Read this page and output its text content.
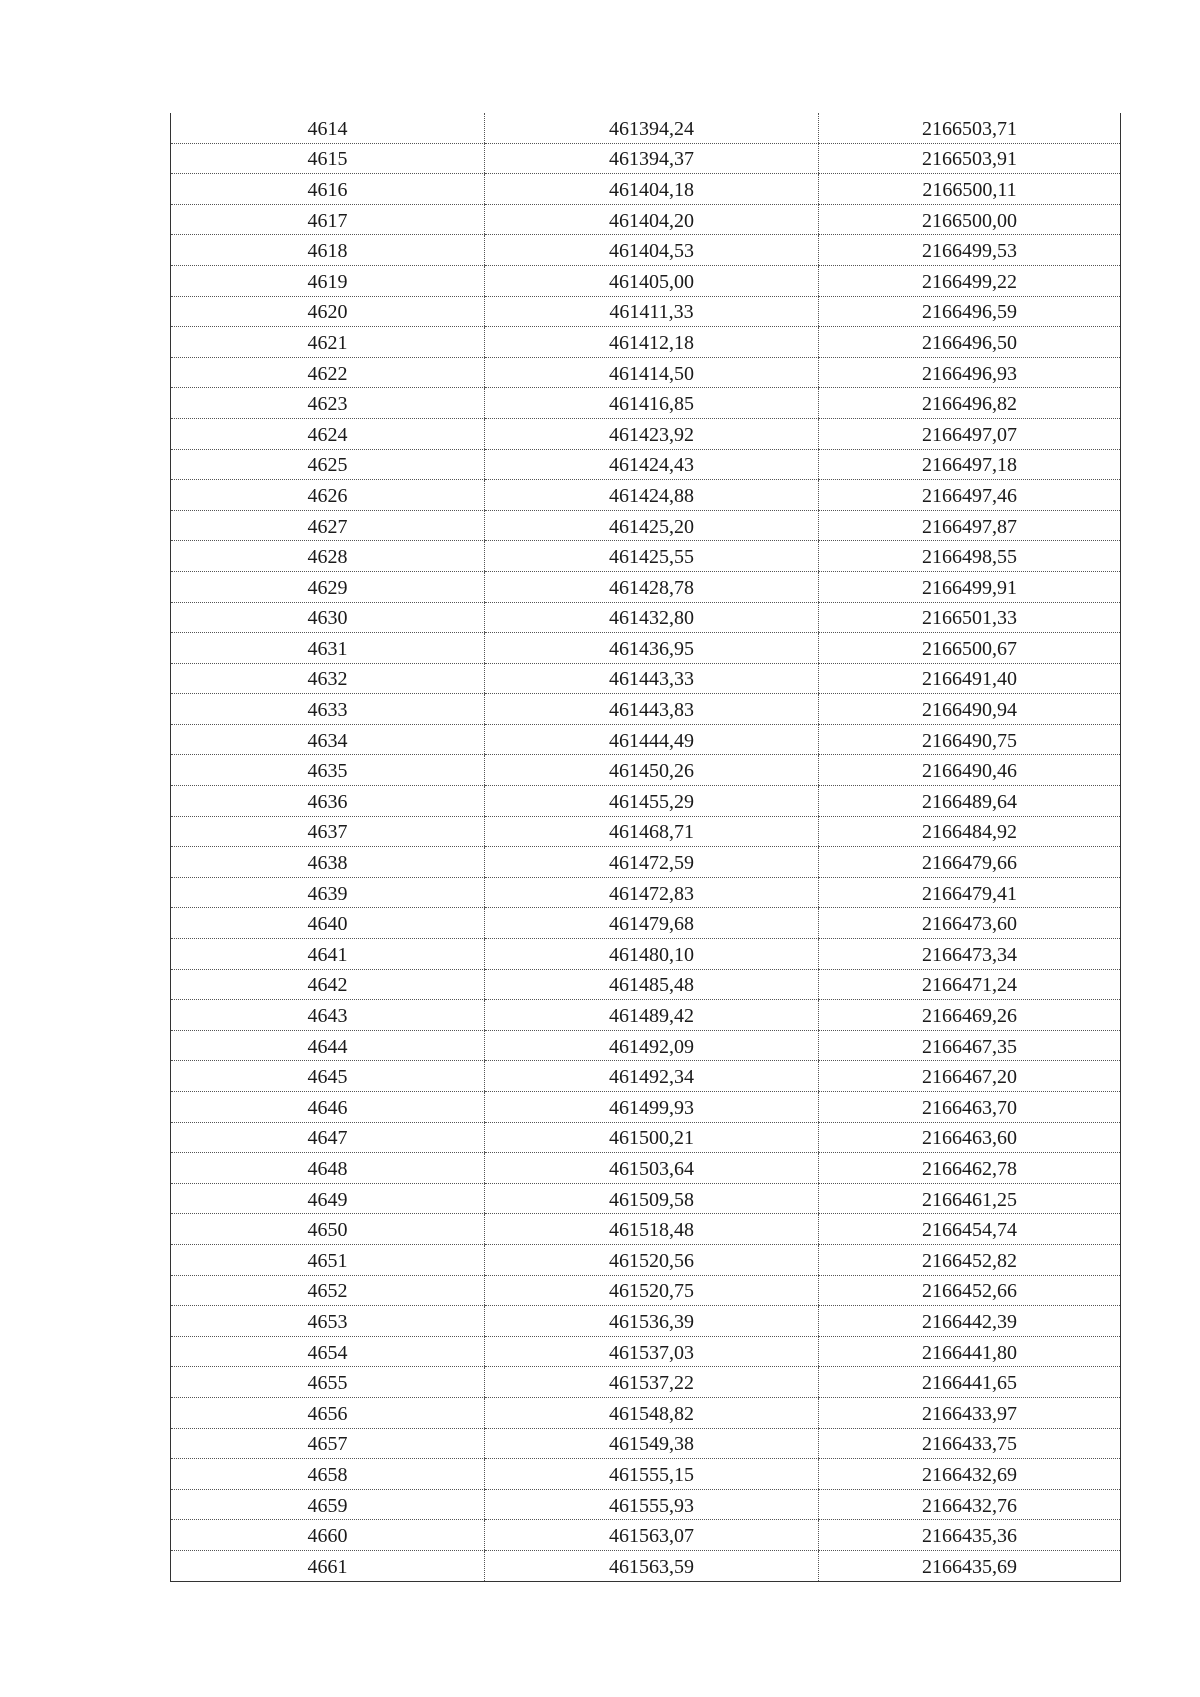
4614	461394,24	2166503,71
4615	461394,37	2166503,91
4616	461404,18	2166500,11
4617	461404,20	2166500,00
4618	461404,53	2166499,53
4619	461405,00	2166499,22
4620	461411,33	2166496,59
4621	461412,18	2166496,50
4622	461414,50	2166496,93
4623	461416,85	2166496,82
4624	461423,92	2166497,07
4625	461424,43	2166497,18
4626	461424,88	2166497,46
4627	461425,20	2166497,87
4628	461425,55	2166498,55
4629	461428,78	2166499,91
4630	461432,80	2166501,33
4631	461436,95	2166500,67
4632	461443,33	2166491,40
4633	461443,83	2166490,94
4634	461444,49	2166490,75
4635	461450,26	2166490,46
4636	461455,29	2166489,64
4637	461468,71	2166484,92
4638	461472,59	2166479,66
4639	461472,83	2166479,41
4640	461479,68	2166473,60
4641	461480,10	2166473,34
4642	461485,48	2166471,24
4643	461489,42	2166469,26
4644	461492,09	2166467,35
4645	461492,34	2166467,20
4646	461499,93	2166463,70
4647	461500,21	2166463,60
4648	461503,64	2166462,78
4649	461509,58	2166461,25
4650	461518,48	2166454,74
4651	461520,56	2166452,82
4652	461520,75	2166452,66
4653	461536,39	2166442,39
4654	461537,03	2166441,80
4655	461537,22	2166441,65
4656	461548,82	2166433,97
4657	461549,38	2166433,75
4658	461555,15	2166432,69
4659	461555,93	2166432,76
4660	461563,07	2166435,36
4661	461563,59	2166435,69
